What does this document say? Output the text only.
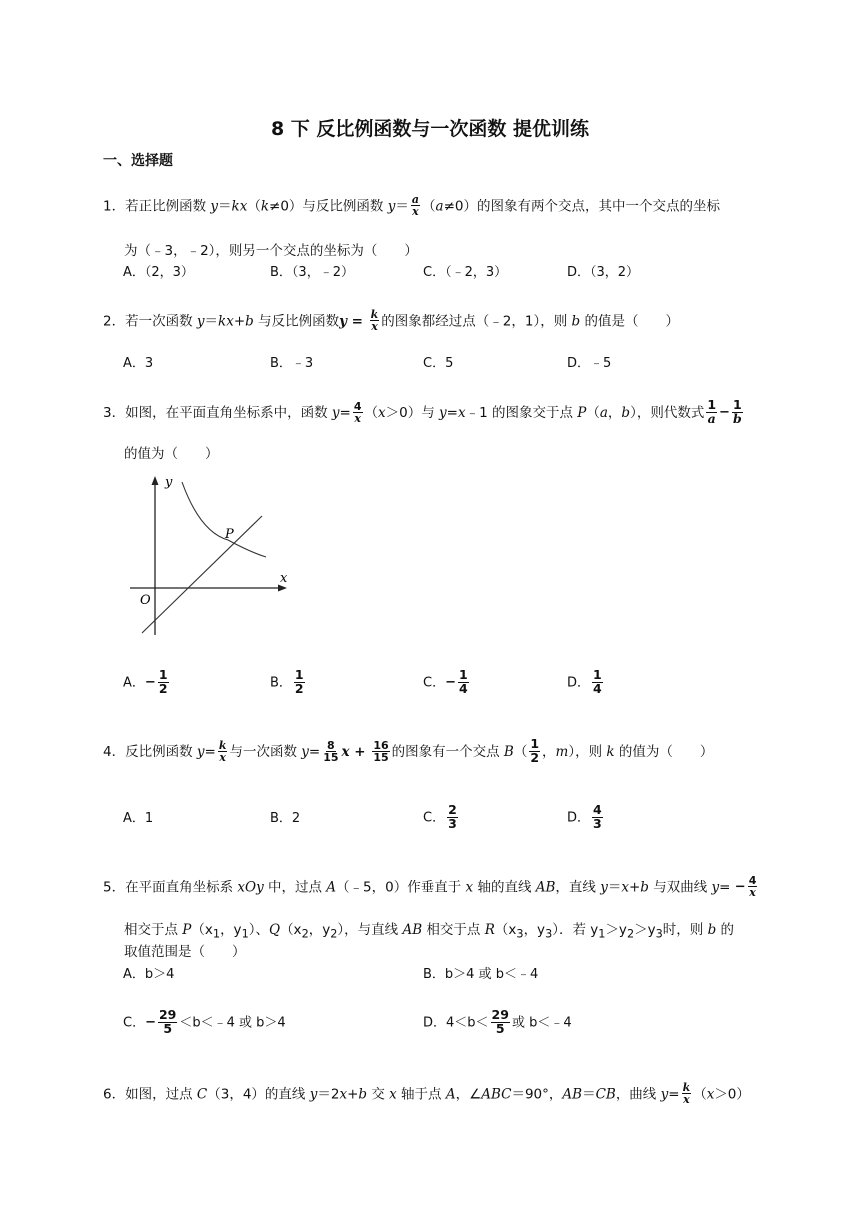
8 下 反比例函数与一次函数 提优训练
一、选择题
1．若正比例函数 y＝kx（k≠0）与反比例函数 $y= \frac{a}{x} (a\ne 0)$的图象有两个交点，其中一个交点的坐标
为（﹣3，﹣2），则另一个交点的坐标为（　　）
A．（2，3）	B．（3，﹣2）	C．（﹣2，3）	D．（3，2）
2．若一次函数 y＝kx+b 与反比例函数$y = \frac{k}{x}$ 的图象都经过点（﹣2，1），则 b 的值是（　　）
A．3	B．﹣3	C．5	D．﹣5
3．如图，在平面直角坐标系中，函数 $y= \frac{4}{x} (x>0)$与 y=x﹣1 的图象交于点 P（a，b），则代数式 $\frac{1}{a} - \frac{1}{b}$
的值为（　　）
y
x
O
P
A．− $\frac{1}{2}$	B． $\frac{1}{2}$	C．− $\frac{1}{4}$	D． $\frac{1}{4}$
4．反比例函数 $y= \frac{k}{x}$ 与一次函数 $y= \frac{8}{15}$ $x + \frac{16}{15}$ 的图象有一个交点 $B( \frac{1}{2}$ ，m），则 k 的值为（　　）
A．1	B．2	C． $\frac{2}{3}$	D． $\frac{4}{3}$
5．在平面直角坐标系 xOy 中，过点 A（﹣5，0）作垂直于 x 轴的直线 AB，直线 y＝x+b 与双曲线 $y= - \frac{4}{x}$
相交于点 $P(x_1$，$y_1$）、$Q(x_2$，$y_2$），与直线 AB 相交于点 $R(x_3$，$y_3$）．若 $y_1>y_2>y_3$时，则 b 的
取值范围是（　　）
A．b＞4	B．b＞4 或 b＜﹣4
C．− $\frac{29}{5}$ ＜b＜﹣4 或 b＞4	D．$4<b< \frac{29}{5}$ 或 b＜﹣4
6．如图，过点 C（3，4）的直线 y＝2x+b 交 x 轴于点 A，∠ABC＝90°，AB＝CB，曲线 $y= \frac{k}{x} (x>0)$
